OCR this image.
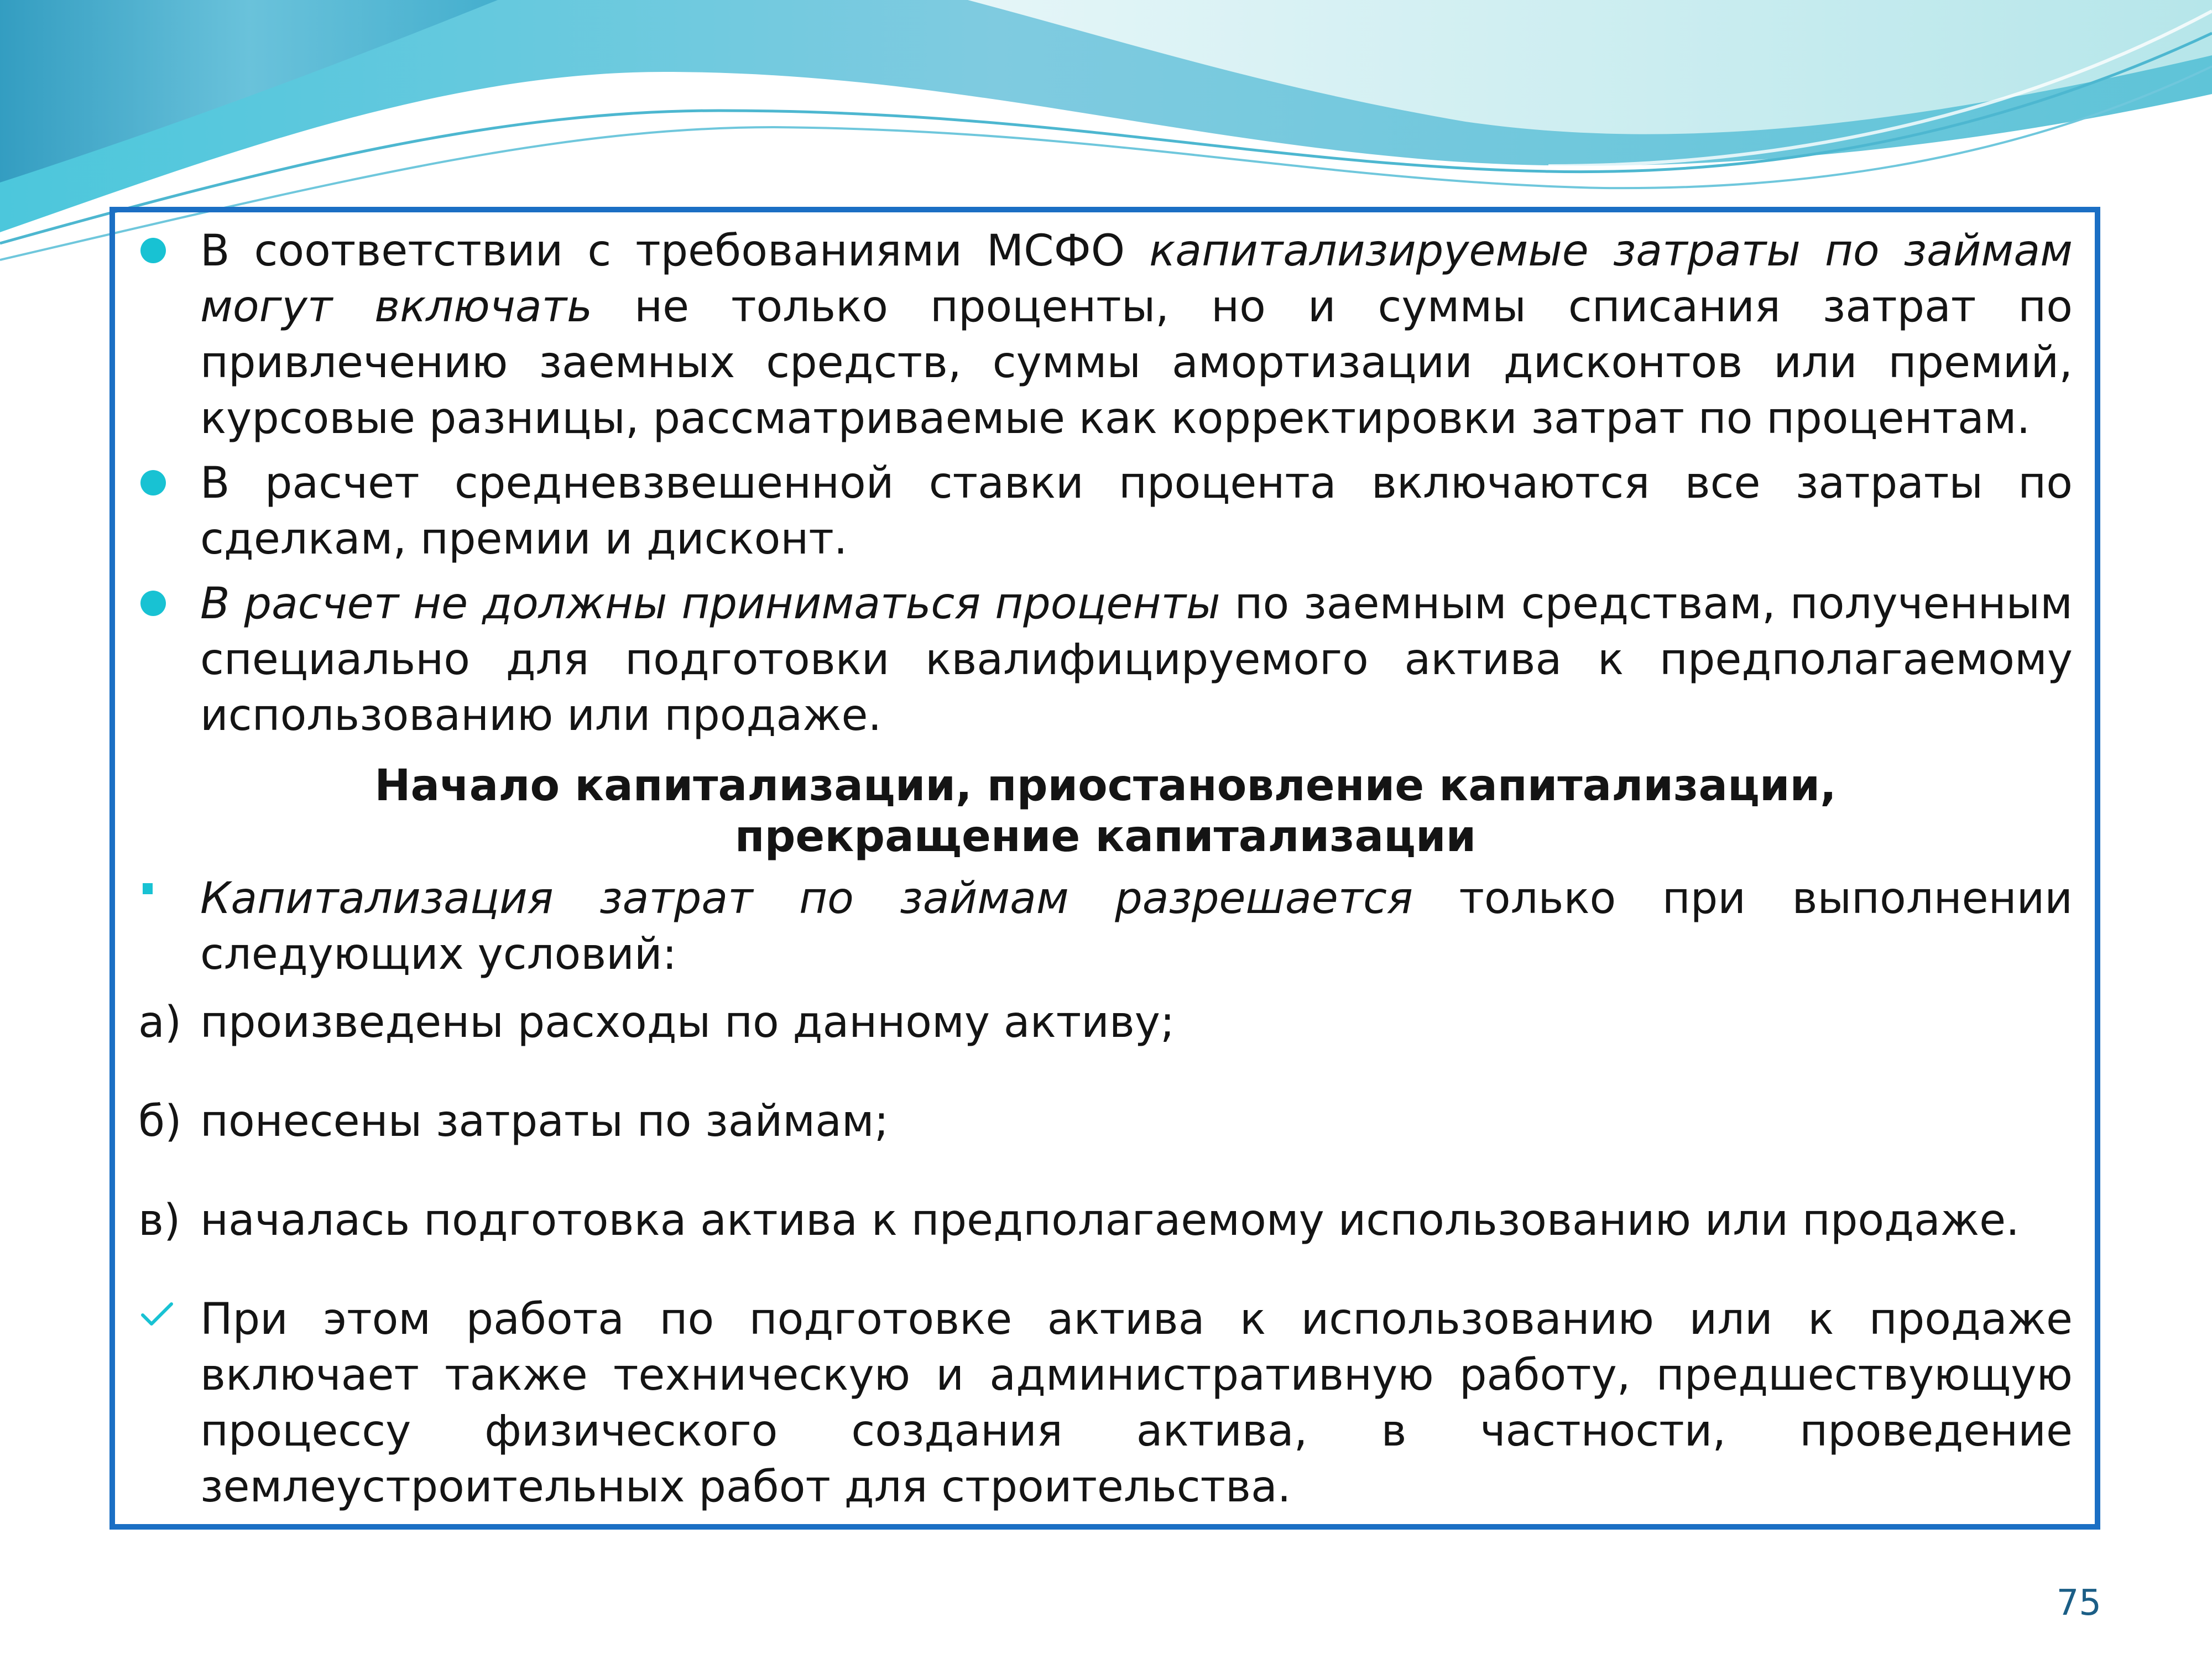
В соответствии с требованиями МСФО капитализируемые затраты по займам могут включать не только проценты, но и суммы списания затрат по привлечению заемных средств, суммы амортизации дисконтов или премий, курсовые разницы, рассматриваемые как корректировки затрат по процентам.

В расчет средневзвешенной ставки процента включаются все затраты по сделкам, премии и дисконт.

В расчет не должны приниматься проценты по заемным средствам, полученным специально для подготовки квалифицируемого актива к предполагаемому использованию или продаже.

Начало капитализации, приостановление капитализации,
прекращение капитализации

Капитализация затрат по займам разрешается только при выполнении следующих условий:

а) произведены расходы по данному активу;

б) понесены затраты по займам;

в) началась подготовка актива к предполагаемому использованию или продаже.

При этом работа по подготовке актива к использованию или к продаже включает также техническую и административную работу, предшествующую процессу физического создания актива, в частности, проведение землеустроительных работ для строительства.

75
